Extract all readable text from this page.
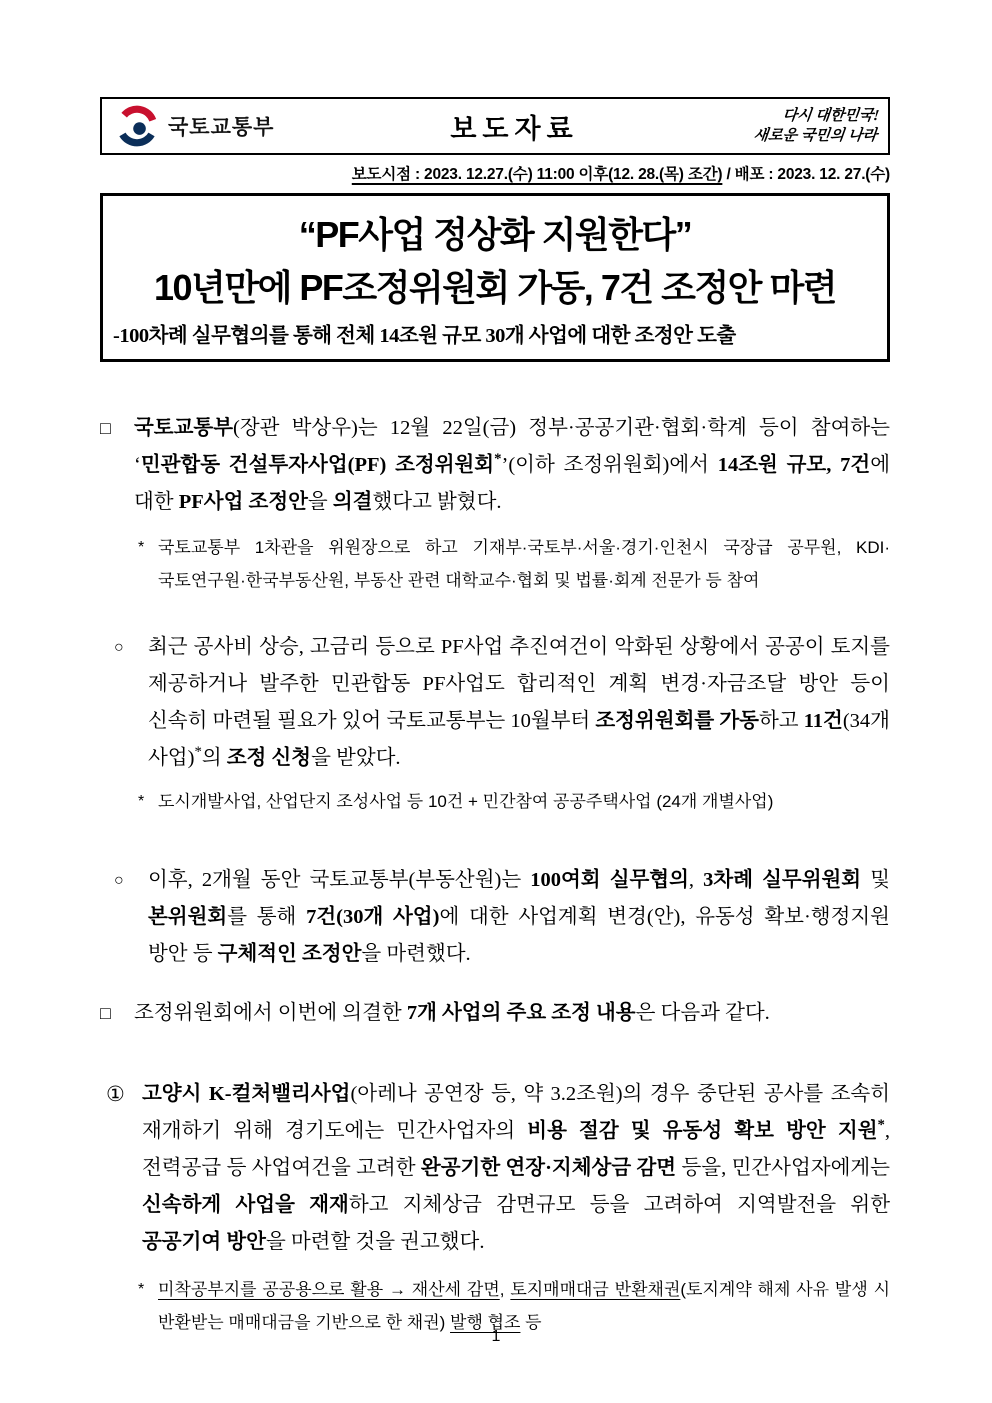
국토교통부	보도자료	다시 대한민국!
새로운 국민의 나라
보도시점 : 2023. 12.27.(수) 11:00 이후(12. 28.(목) 조간) / 배포 : 2023. 12. 27.(수)
“PF사업 정상화 지원한다”
10년만에 PF조정위원회 가동, 7건 조정안 마련
-100차례 실무협의를 통해 전체 14조원 규모 30개 사업에 대한 조정안 도출
□	국토교통부(장관 박상우)는 12월 22일(금) 정부·공공기관·협회·학계 등이 참여하는 ‘민관합동 건설투자사업(PF) 조정위원회*’(이하 조정위원회)에서 14조원 규모, 7건에 대한 PF사업 조정안을 의결했다고 밝혔다.
* 국토교통부 1차관을 위원장으로 하고 기재부·국토부·서울·경기·인천시 국장급 공무원, KDI·국토연구원·한국부동산원, 부동산 관련 대학교수·협회 및 법률·회계 전문가 등 참여
○	최근 공사비 상승, 고금리 등으로 PF사업 추진여건이 악화된 상황에서 공공이 토지를 제공하거나 발주한 민관합동 PF사업도 합리적인 계획 변경·자금조달 방안 등이 신속히 마련될 필요가 있어 국토교통부는 10월부터 조정위원회를 가동하고 11건(34개 사업)*의 조정 신청을 받았다.
* 도시개발사업, 산업단지 조성사업 등 10건 + 민간참여 공공주택사업 (24개 개별사업)
○	이후, 2개월 동안 국토교통부(부동산원)는 100여회 실무협의, 3차례 실무위원회 및 본위원회를 통해 7건(30개 사업)에 대한 사업계획 변경(안), 유동성 확보·행정지원 방안 등 구체적인 조정안을 마련했다.
□	조정위원회에서 이번에 의결한 7개 사업의 주요 조정 내용은 다음과 같다.
① 고양시 K-컬처밸리사업(아레나 공연장 등, 약 3.2조원)의 경우 중단된 공사를 조속히 재개하기 위해 경기도에는 민간사업자의 비용 절감 및 유동성 확보 방안 지원*, 전력공급 등 사업여건을 고려한 완공기한 연장·지체상금 감면 등을, 민간사업자에게는 신속하게 사업을 재재하고 지체상금 감면규모 등을 고려하여 지역발전을 위한 공공기여 방안을 마련할 것을 권고했다.
* 미착공부지를 공공용으로 활용 → 재산세 감면, 토지매매대금 반환채권(토지계약 해제 사유 발생 시 반환받는 매매대금을 기반으로 한 채권) 발행 협조 등
1
